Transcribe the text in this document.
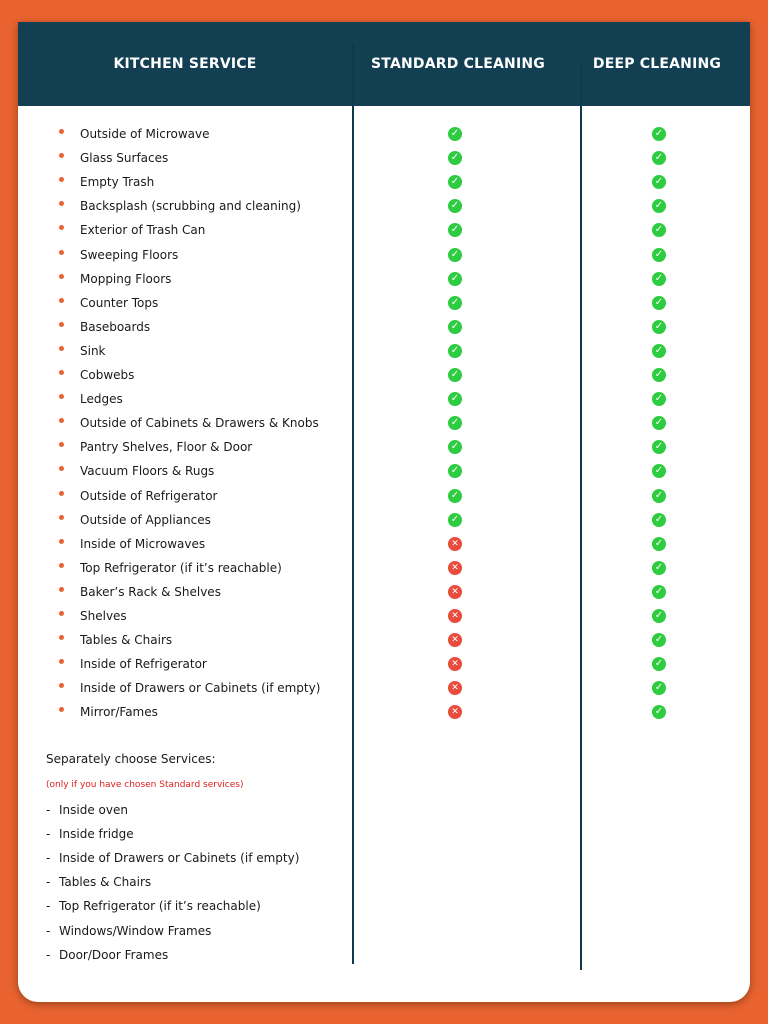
KITCHEN SERVICE	STANDARD CLEANING	DEEP CLEANING
Outside of Microwave	✓	✓
Glass Surfaces	✓	✓
Empty Trash	✓	✓
Backsplash (scrubbing and cleaning)	✓	✓
Exterior of Trash Can	✓	✓
Sweeping Floors	✓	✓
Mopping Floors	✓	✓
Counter Tops	✓	✓
Baseboards	✓	✓
Sink	✓	✓
Cobwebs	✓	✓
Ledges	✓	✓
Outside of Cabinets & Drawers & Knobs	✓	✓
Pantry Shelves, Floor & Door	✓	✓
Vacuum Floors & Rugs	✓	✓
Outside of Refrigerator	✓	✓
Outside of Appliances	✓	✓
Inside of Microwaves	✕	✓
Top Refrigerator (if it’s reachable)	✕	✓
Baker’s Rack & Shelves	✕	✓
Shelves	✕	✓
Tables & Chairs	✕	✓
Inside of Refrigerator	✕	✓
Inside of Drawers or Cabinets (if empty)	✕	✓
Mirror/Fames	✕	✓
Separately choose Services:
(only if you have chosen Standard services)
- Inside oven
- Inside fridge
- Inside of Drawers or Cabinets (if empty)
- Tables & Chairs
- Top Refrigerator (if it’s reachable)
- Windows/Window Frames
- Door/Door Frames
